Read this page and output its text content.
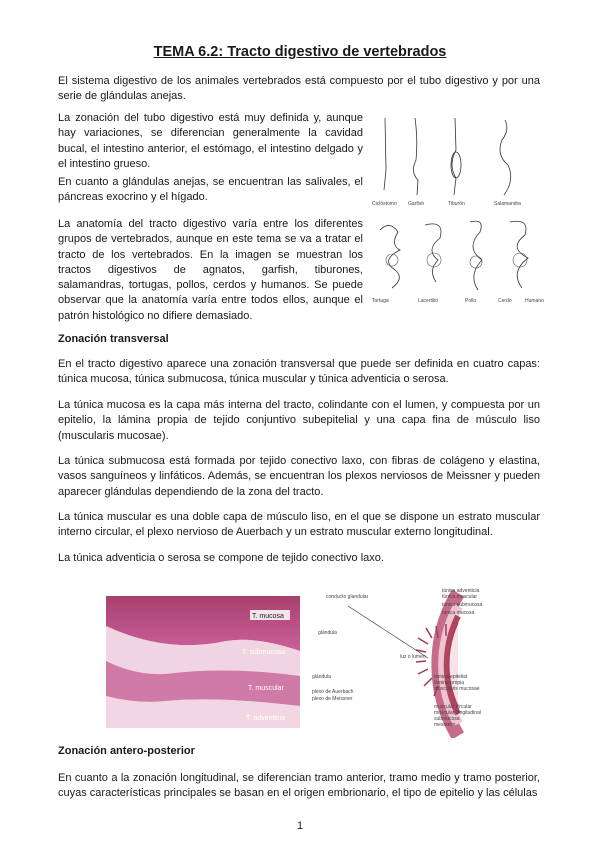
TEMA 6.2: Tracto digestivo de vertebrados
El sistema digestivo de los animales vertebrados está compuesto por el tubo digestivo y por una serie de glándulas anejas.
La zonación del tubo digestivo está muy definida y, aunque hay variaciones, se diferencian generalmente la cavidad bucal, el intestino anterior, el estómago, el intestino delgado y el intestino grueso.
En cuanto a glándulas anejas, se encuentran las salivales, el páncreas exocrino y el hígado.
La anatomía del tracto digestivo varía entre los diferentes grupos de vertebrados, aunque en este tema se va a tratar el tracto de los vertebrados. En la imagen se muestran los tractos digestivos de agnatos, garfish, tiburones, salamandras, tortugas, pollos, cerdos y humanos. Se puede observar que la anatomía varía entre todos ellos, aunque el patrón histológico no difiere demasiado.
Ciclóstomo Garfish	Tiburón	Salamandra
Tortuga	Lacertilio	Pollo	Cerdo	Humano
Zonación transversal
En el tracto digestivo aparece una zonación transversal que puede ser definida en cuatro capas: túnica mucosa, túnica submucosa, túnica muscular y túnica adventicia o serosa.
La túnica mucosa es la capa más interna del tracto, colindante con el lumen, y compuesta por un epitelio, la lámina propia de tejido conjuntivo subepitelial y una capa fina de músculo liso (muscularis mucosae).
La túnica submucosa está formada por tejido conectivo laxo, con fibras de colágeno y elastina, vasos sanguíneos y linfáticos. Además, se encuentran los plexos nerviosos de Meissner y pueden aparecer glándulas dependiendo de la zona del tracto.
La túnica muscular es una doble capa de músculo liso, en el que se dispone un estrato muscular interno circular, el plexo nervioso de Auerbach y un estrato muscular externo longitudinal.
La túnica adventicia o serosa se compone de tejido conectivo laxo.
T. mucosa
T. submucosa
T. muscular
T. adventicia
conducto glandular
glándula
glándula
plexo de Auerbach
plexo de Meissner
luz o lumen
túnica adventicia
túnica muscular
túnica submucosa
túnica mucosa
lámina epitelial
lámina propia
muscularis mucosae
muscular circular
muscular longitudinal
submucosa
mesotelio
Zonación antero-posterior
En cuanto a la zonación longitudinal, se diferencian tramo anterior, tramo medio y tramo posterior, cuyas características principales se basan en el origen embrionario, el tipo de epitelio y las células
1
